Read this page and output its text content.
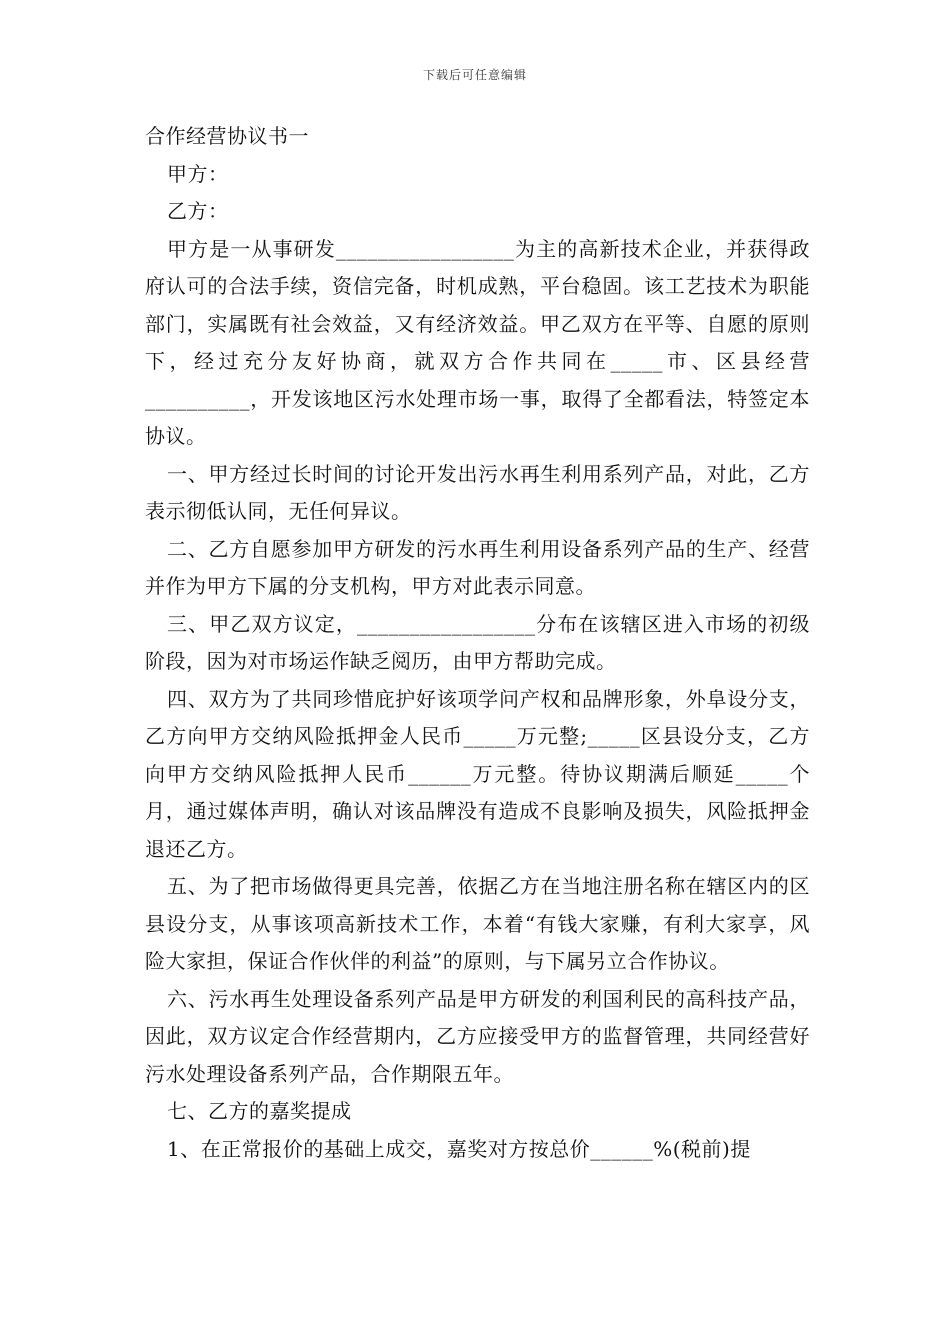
下载后可任意编辑

合作经营协议书一

甲方：

乙方：

甲方是一从事研发_________________为主的高新技术企业，并获得政府认可的合法手续，资信完备，时机成熟，平台稳固。该工艺技术为职能部门，实属既有社会效益，又有经济效益。甲乙双方在平等、自愿的原则下，经过充分友好协商，就双方合作共同在_____市、区县经营__________，开发该地区污水处理市场一事，取得了全都看法，特签定本协议。

一、甲方经过长时间的讨论开发出污水再生利用系列产品，对此，乙方表示彻低认同，无任何异议。

二、乙方自愿参加甲方研发的污水再生利用设备系列产品的生产、经营并作为甲方下属的分支机构，甲方对此表示同意。

三、甲乙双方议定，_________________分布在该辖区进入市场的初级阶段，因为对市场运作缺乏阅历，由甲方帮助完成。

四、双方为了共同珍惜庇护好该项学问产权和品牌形象，外阜设分支，乙方向甲方交纳风险抵押金人民币_____万元整;_____区县设分支，乙方向甲方交纳风险抵押人民币______万元整。待协议期满后顺延_____个月，通过媒体声明，确认对该品牌没有造成不良影响及损失，风险抵押金退还乙方。

五、为了把市场做得更具完善，依据乙方在当地注册名称在辖区内的区县设分支，从事该项高新技术工作，本着“有钱大家赚，有利大家享，风险大家担，保证合作伙伴的利益”的原则，与下属另立合作协议。

六、污水再生处理设备系列产品是甲方研发的利国利民的高科技产品，因此，双方议定合作经营期内，乙方应接受甲方的监督管理，共同经营好污水处理设备系列产品，合作期限五年。

七、乙方的嘉奖提成

1、在正常报价的基础上成交，嘉奖对方按总价______%(税前)提
